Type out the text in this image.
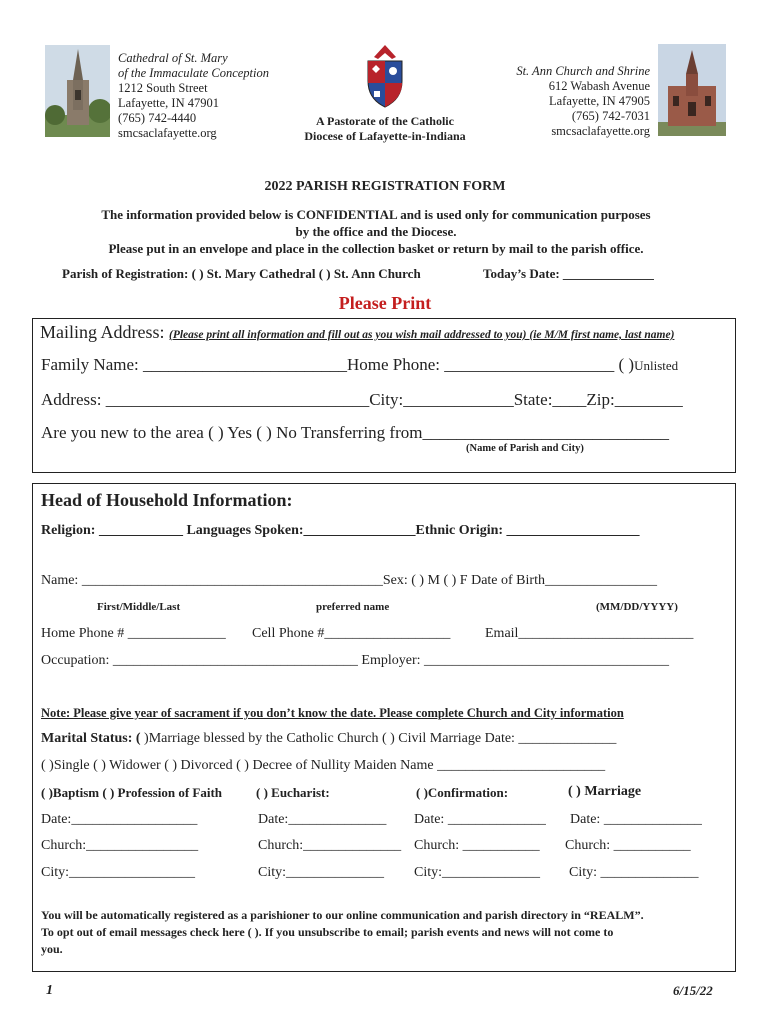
Cathedral of St. Mary
of the Immaculate Conception
1212 South Street
Lafayette, IN 47901
(765) 742-4440
smcsaclafayette.org
A Pastorate of the Catholic
Diocese of Lafayette-in-Indiana
St. Ann Church and Shrine
612 Wabash Avenue
Lafayette, IN 47905
(765) 742-7031
smcsaclafayette.org
2022 PARISH REGISTRATION FORM
The information provided below is CONFIDENTIAL and is used only for communication purposes
by the office and the Diocese.
Please put in an envelope and place in the collection basket or return by mail to the parish office.
Parish of Registration: ( ) St. Mary Cathedral ( ) St. Ann Church	Today’s Date: ______________
Please Print
Mailing Address: (Please print all information and fill out as you wish mail addressed to you) (ie M/M first name, last name)
Family Name: ________________________Home Phone: ____________________ ( )Unlisted
Address: _______________________________City:_____________State:____Zip:________
Are you new to the area ( ) Yes ( ) No Transferring from_____________________________
(Name of Parish and City)
Head of Household Information:
Religion: ____________ Languages Spoken:________________Ethnic Origin: ___________________
Name: ___________________________________________Sex: ( ) M ( ) F Date of Birth________________
First/Middle/Last	preferred name	(MM/DD/YYYY)
Home Phone # ______________ Cell Phone #__________________ Email_________________________
Occupation: ___________________________________ Employer: ___________________________________
Note: Please give year of sacrament if you don’t know the date. Please complete Church and City information
Marital Status: ( )Marriage blessed by the Catholic Church ( ) Civil Marriage Date: ______________
( )Single ( ) Widower ( ) Divorced ( ) Decree of Nullity Maiden Name ________________________
( )Baptism ( ) Profession of Faith
Date:__________________
Church:________________
City:__________________
( ) Eucharist:
Date:______________
Church:______________
City:______________
( )Confirmation:
Date: ______________
Church: ___________
City:______________
( ) Marriage
Date: ______________
Church: ___________
City: ______________
You will be automatically registered as a parishioner to our online communication and parish directory in “REALM”.
To opt out of email messages check here ( ). If you unsubscribe to email; parish events and news will not come to
you.
1	6/15/22
